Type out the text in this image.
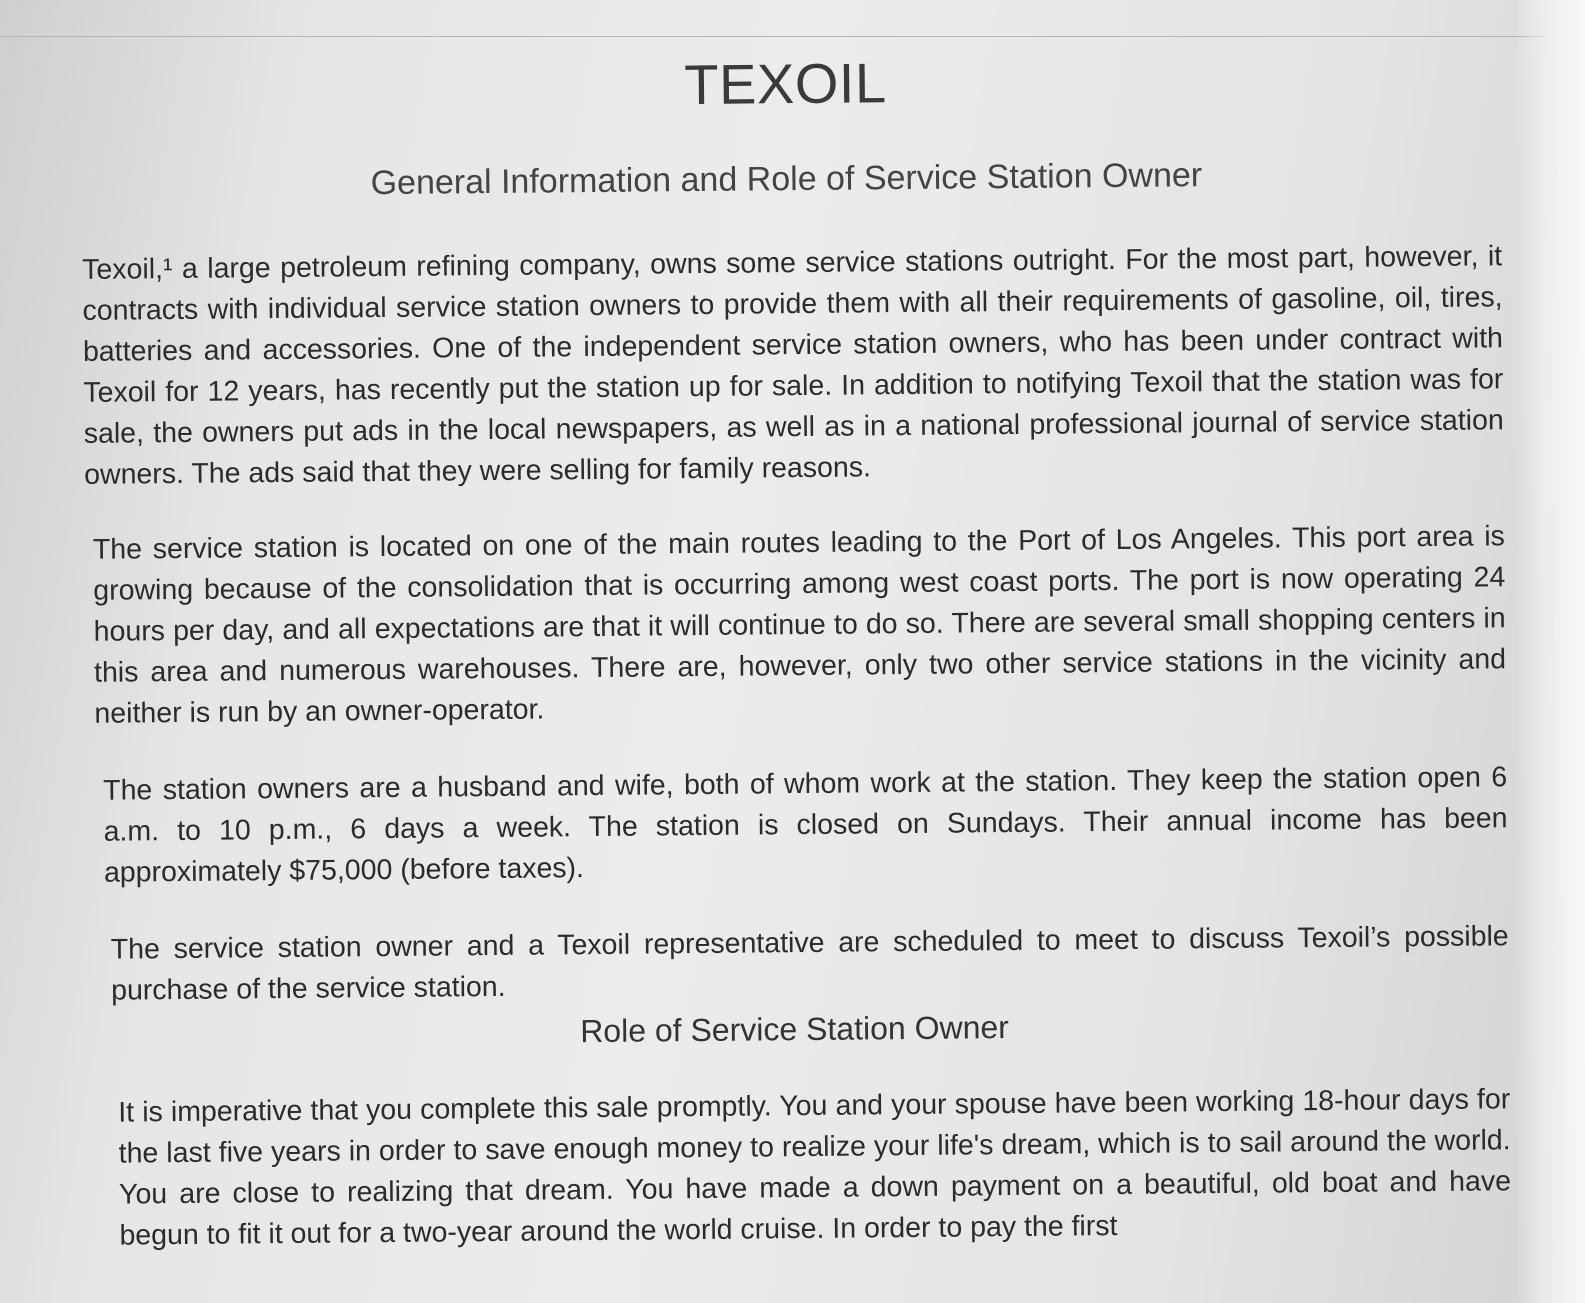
TEXOIL
General Information and Role of Service Station Owner

Texoil,¹ a large petroleum refining company, owns some service stations outright. For the most part, however, it contracts with individual service station owners to provide them with all their requirements of gasoline, oil, tires, batteries and accessories. One of the independent service station owners, who has been under contract with Texoil for 12 years, has recently put the station up for sale. In addition to notifying Texoil that the station was for sale, the owners put ads in the local newspapers, as well as in a national professional journal of service station owners. The ads said that they were selling for family reasons.

The service station is located on one of the main routes leading to the Port of Los Angeles. This port area is growing because of the consolidation that is occurring among west coast ports. The port is now operating 24 hours per day, and all expectations are that it will continue to do so. There are several small shopping centers in this area and numerous warehouses. There are, however, only two other service stations in the vicinity and neither is run by an owner-operator.

The station owners are a husband and wife, both of whom work at the station. They keep the station open 6 a.m. to 10 p.m., 6 days a week. The station is closed on Sundays. Their annual income has been approximately $75,000 (before taxes).

The service station owner and a Texoil representative are scheduled to meet to discuss Texoil’s possible purchase of the service station.

Role of Service Station Owner

It is imperative that you complete this sale promptly. You and your spouse have been working 18-hour days for the last five years in order to save enough money to realize your life's dream, which is to sail around the world. You are close to realizing that dream. You have made a down payment on a beautiful, old boat and have begun to fit it out for a two-year around the world cruise. In order to pay the first
